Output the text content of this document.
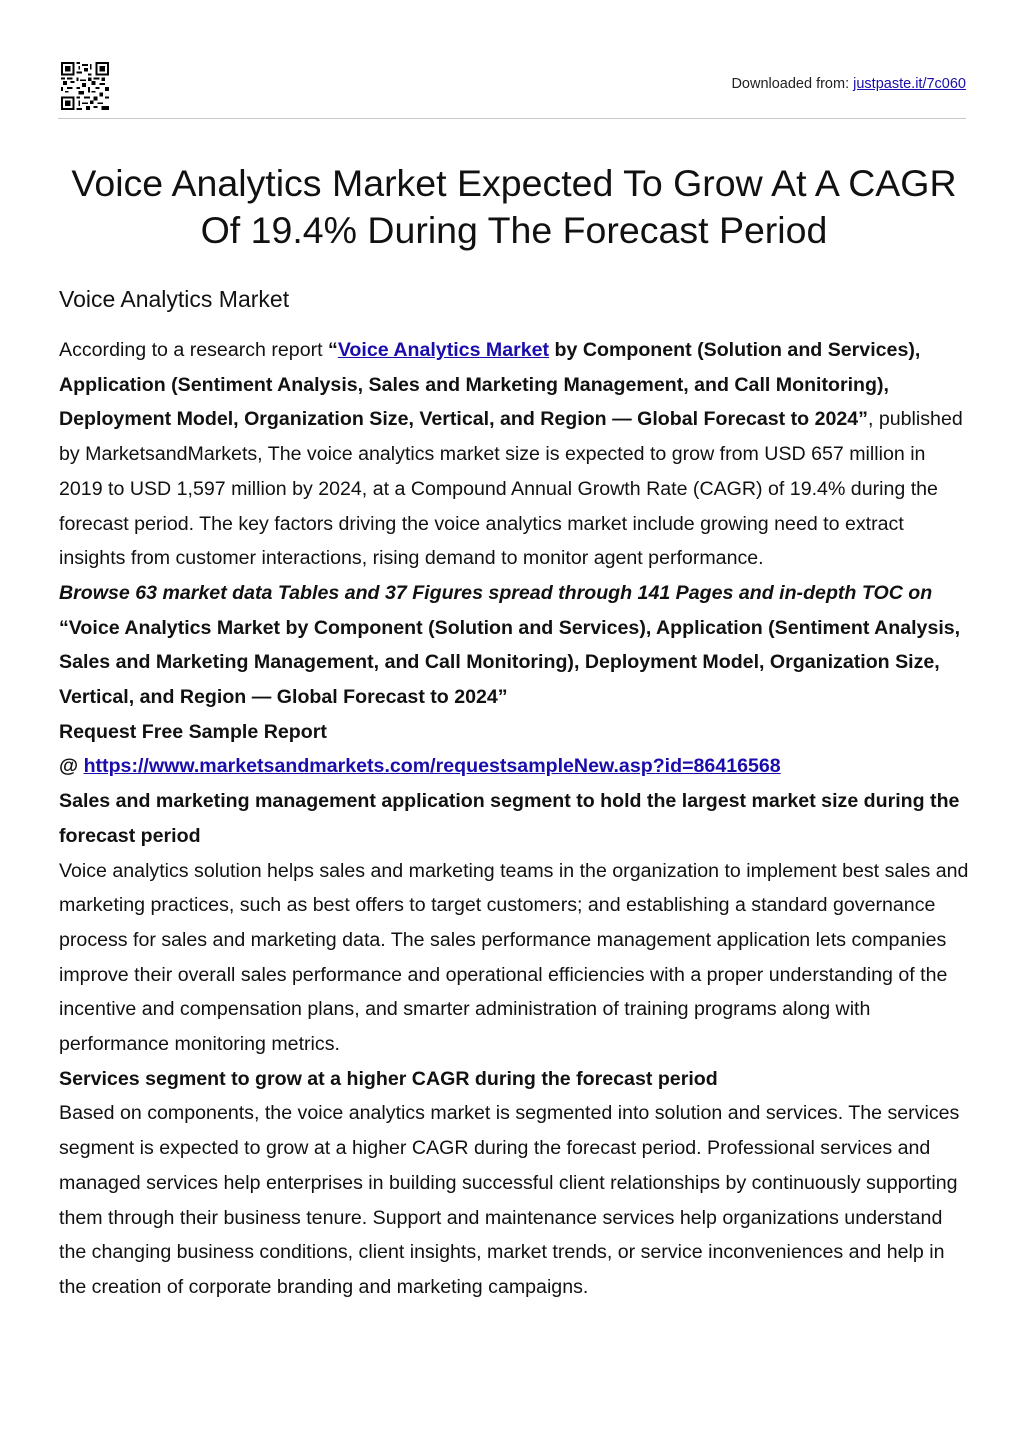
Downloaded from: justpaste.it/7c060
Voice Analytics Market Expected To Grow At A CAGR Of 19.4% During The Forecast Period
Voice Analytics Market

According to a research report “Voice Analytics Market by Component (Solution and Services), Application (Sentiment Analysis, Sales and Marketing Management, and Call Monitoring), Deployment Model, Organization Size, Vertical, and Region — Global Forecast to 2024”, published by MarketsandMarkets, The voice analytics market size is expected to grow from USD 657 million in 2019 to USD 1,597 million by 2024, at a Compound Annual Growth Rate (CAGR) of 19.4% during the forecast period. The key factors driving the voice analytics market include growing need to extract insights from customer interactions, rising demand to monitor agent performance.

Browse 63 market data Tables and 37 Figures spread through 141 Pages and in-depth TOC on “Voice Analytics Market by Component (Solution and Services), Application (Sentiment Analysis, Sales and Marketing Management, and Call Monitoring), Deployment Model, Organization Size, Vertical, and Region — Global Forecast to 2024”

Request Free Sample Report

@ https://www.marketsandmarkets.com/requestsampleNew.asp?id=86416568

Sales and marketing management application segment to hold the largest market size during the forecast period

Voice analytics solution helps sales and marketing teams in the organization to implement best sales and marketing practices, such as best offers to target customers; and establishing a standard governance process for sales and marketing data. The sales performance management application lets companies improve their overall sales performance and operational efficiencies with a proper understanding of the incentive and compensation plans, and smarter administration of training programs along with performance monitoring metrics.

Services segment to grow at a higher CAGR during the forecast period

Based on components, the voice analytics market is segmented into solution and services. The services segment is expected to grow at a higher CAGR during the forecast period. Professional services and managed services help enterprises in building successful client relationships by continuously supporting them through their business tenure. Support and maintenance services help organizations understand the changing business conditions, client insights, market trends, or service inconveniences and help in the creation of corporate branding and marketing campaigns.
